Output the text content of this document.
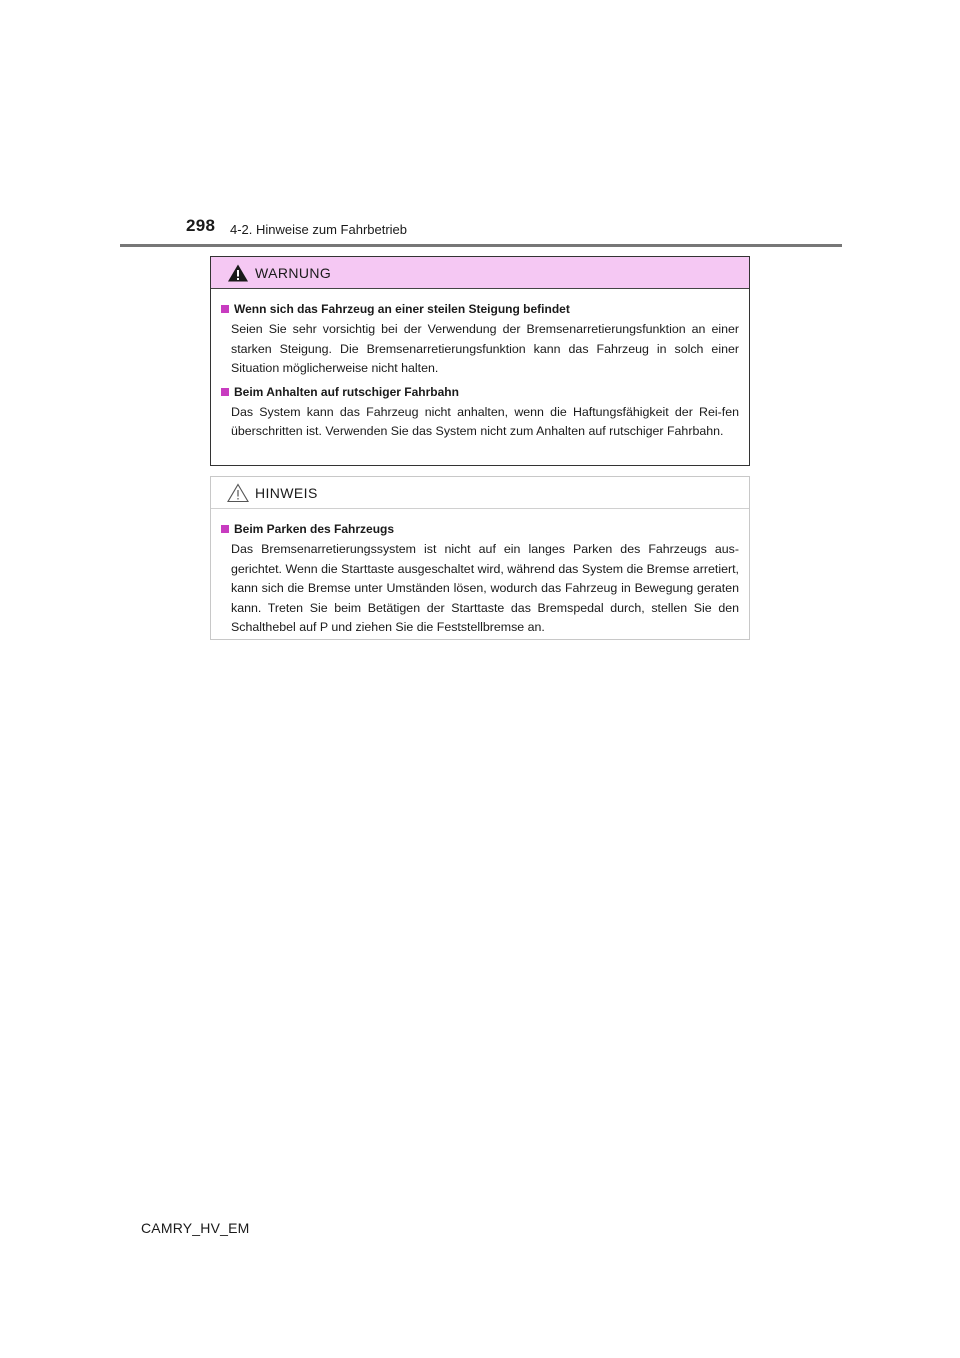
298 4-2. Hinweise zum Fahrbetrieb
WARNUNG
Wenn sich das Fahrzeug an einer steilen Steigung befindet

Seien Sie sehr vorsichtig bei der Verwendung der Bremsenarretierungsfunktion an einer starken Steigung. Die Bremsenarretierungsfunktion kann das Fahrzeug in solch einer Situation möglicherweise nicht halten.

Beim Anhalten auf rutschiger Fahrbahn

Das System kann das Fahrzeug nicht anhalten, wenn die Haftungsfähigkeit der Rei-fen überschritten ist. Verwenden Sie das System nicht zum Anhalten auf rutschiger Fahrbahn.

HINWEIS
Beim Parken des Fahrzeugs

Das Bremsenarretierungssystem ist nicht auf ein langes Parken des Fahrzeugs aus-gerichtet. Wenn die Starttaste ausgeschaltet wird, während das System die Bremse arretiert, kann sich die Bremse unter Umständen lösen, wodurch das Fahrzeug in Bewegung geraten kann. Treten Sie beim Betätigen der Starttaste das Bremspedal durch, stellen Sie den Schalthebel auf P und ziehen Sie die Feststellbremse an.

CAMRY_HV_EM
